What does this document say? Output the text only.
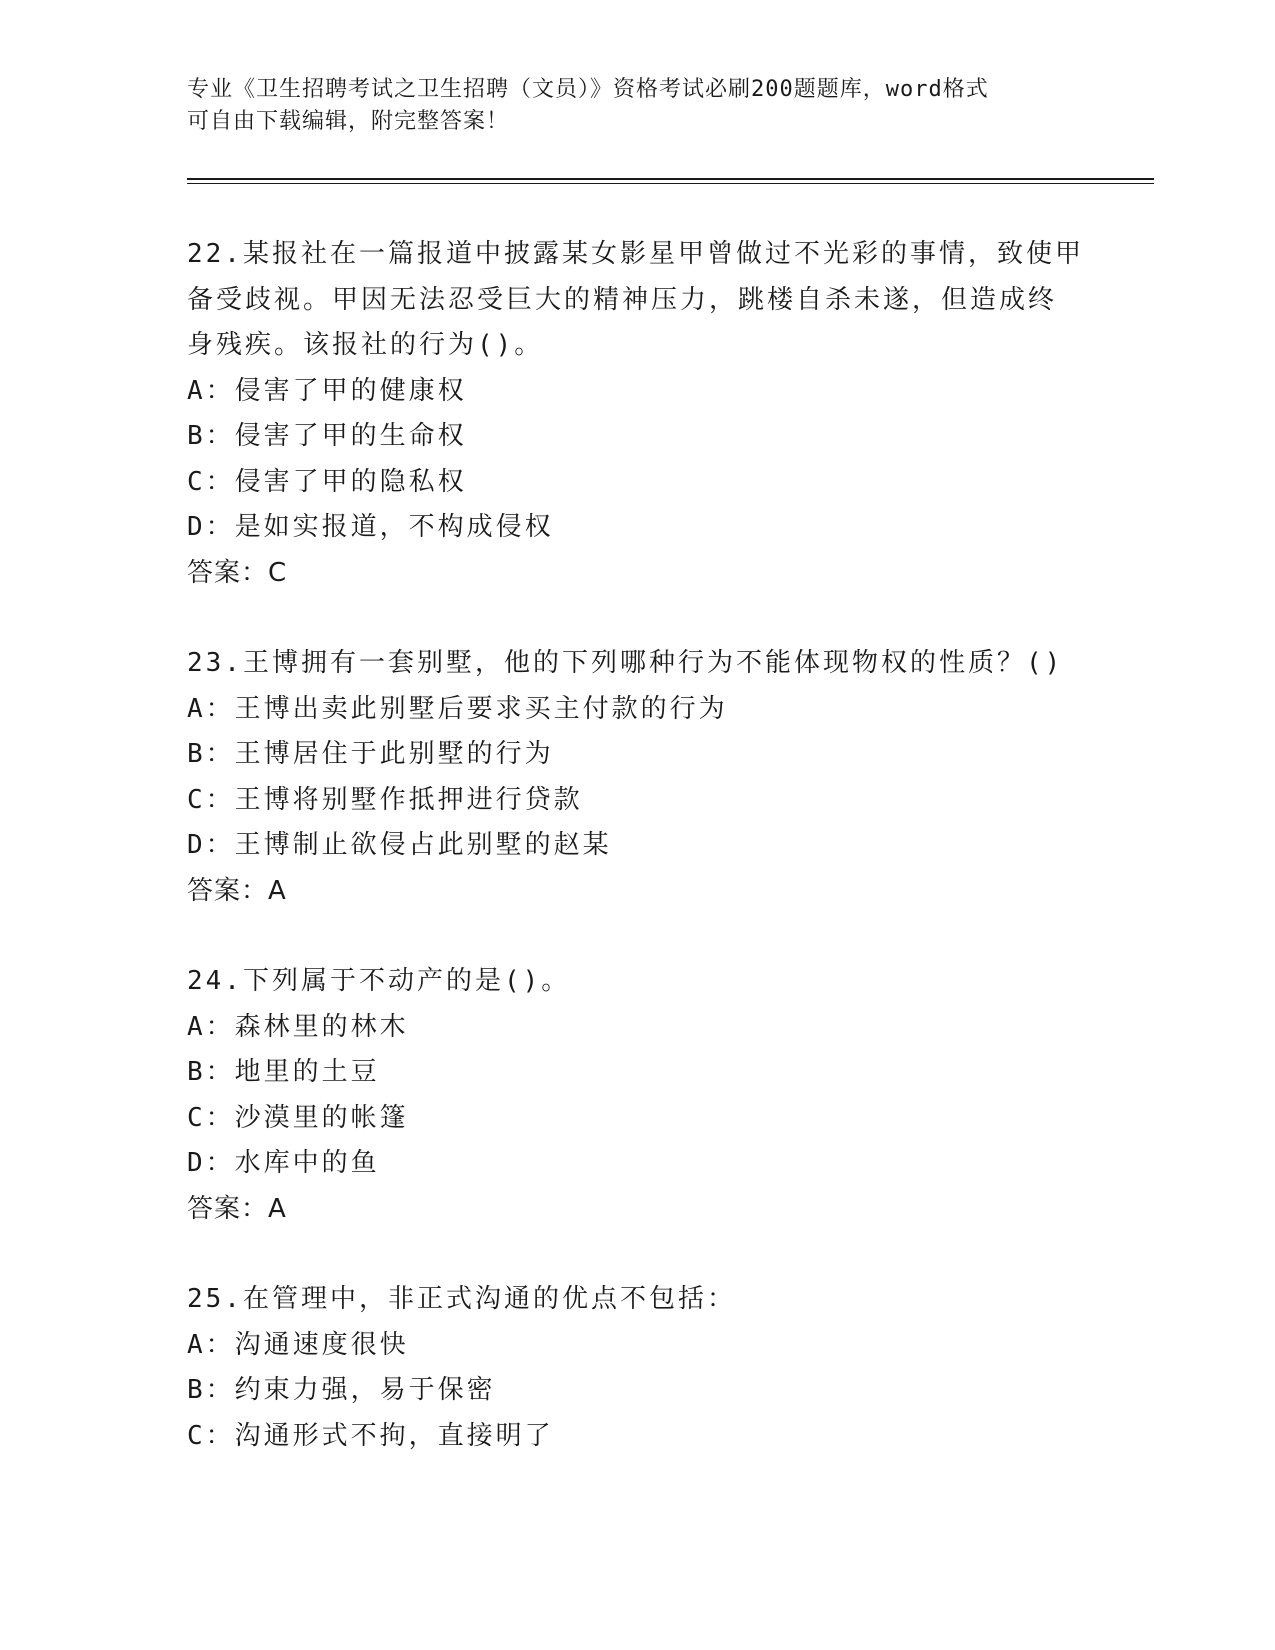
专业《卫生招聘考试之卫生招聘（文员）》资格考试必刷200题题库，word格式
可自由下载编辑，附完整答案！
22.某报社在一篇报道中披露某女影星甲曾做过不光彩的事情，致使甲
备受歧视。甲因无法忍受巨大的精神压力，跳楼自杀未遂，但造成终
身残疾。该报社的行为()。
A：侵害了甲的健康权
B：侵害了甲的生命权
C：侵害了甲的隐私权
D：是如实报道，不构成侵权
答案：C
23.王博拥有一套别墅，他的下列哪种行为不能体现物权的性质？()
A：王博出卖此别墅后要求买主付款的行为
B：王博居住于此别墅的行为
C：王博将别墅作抵押进行贷款
D：王博制止欲侵占此别墅的赵某
答案：A
24.下列属于不动产的是()。
A：森林里的林木
B：地里的土豆
C：沙漠里的帐篷
D：水库中的鱼
答案：A
25.在管理中，非正式沟通的优点不包括：
A：沟通速度很快
B：约束力强，易于保密
C：沟通形式不拘，直接明了
